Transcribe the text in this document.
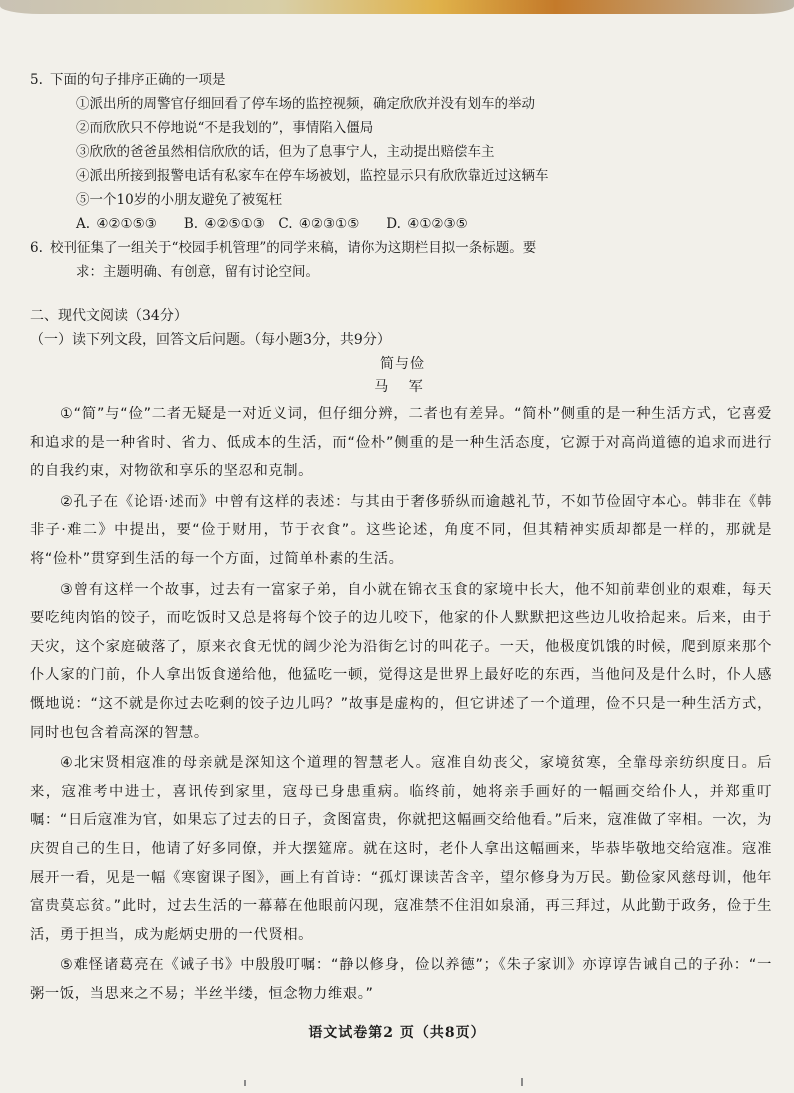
5. 下面的句子排序正确的一项是
①派出所的周警官仔细回看了停车场的监控视频，确定欣欣并没有划车的举动
②而欣欣只不停地说“不是我划的”，事情陷入僵局
③欣欣的爸爸虽然相信欣欣的话，但为了息事宁人，主动提出赔偿车主
④派出所接到报警电话有私家车在停车场被划，监控显示只有欣欣靠近过这辆车
⑤一个10岁的小朋友避免了被冤枉
A. ④②①⑤③　　B. ④②⑤①③　C. ④②③①⑤　　D. ④①②③⑤
6. 校刊征集了一组关于“校园手机管理”的同学来稿，请你为这期栏目拟一条标题。要
求：主题明确、有创意，留有讨论空间。
二、现代文阅读（34分）
（一）读下列文段，回答文后问题。（每小题3分，共9分）
简与俭
马 军

①“简”与“俭”二者无疑是一对近义词，但仔细分辨，二者也有差异。“简朴”侧重的是一种生活方式，它喜爱和追求的是一种省时、省力、低成本的生活，而“俭朴”侧重的是一种生活态度，它源于对高尚道德的追求而进行的自我约束，对物欲和享乐的坚忍和克制。

②孔子在《论语·述而》中曾有这样的表述：与其由于奢侈骄纵而逾越礼节，不如节俭固守本心。韩非在《韩非子·难二》中提出，要“俭于财用，节于衣食”。这些论述，角度不同，但其精神实质却都是一样的，那就是将“俭朴”贯穿到生活的每一个方面，过简单朴素的生活。

③曾有这样一个故事，过去有一富家子弟，自小就在锦衣玉食的家境中长大，他不知前辈创业的艰难，每天要吃纯肉馅的饺子，而吃饭时又总是将每个饺子的边儿咬下，他家的仆人默默把这些边儿收拾起来。后来，由于天灾，这个家庭破落了，原来衣食无忧的阔少沦为沿街乞讨的叫花子。一天，他极度饥饿的时候，爬到原来那个仆人家的门前，仆人拿出饭食递给他，他猛吃一顿，觉得这是世界上最好吃的东西，当他问及是什么时，仆人感慨地说：“这不就是你过去吃剩的饺子边儿吗？”故事是虚构的，但它讲述了一个道理，俭不只是一种生活方式，同时也包含着高深的智慧。

④北宋贤相寇准的母亲就是深知这个道理的智慧老人。寇准自幼丧父，家境贫寒，全靠母亲纺织度日。后来，寇准考中进士，喜讯传到家里，寇母已身患重病。临终前，她将亲手画好的一幅画交给仆人，并郑重叮嘱：“日后寇准为官，如果忘了过去的日子，贪图富贵，你就把这幅画交给他看。”后来，寇准做了宰相。一次，为庆贺自己的生日，他请了好多同僚，并大摆筵席。就在这时，老仆人拿出这幅画来，毕恭毕敬地交给寇准。寇准展开一看，见是一幅《寒窗课子图》，画上有首诗：“孤灯课读苦含辛，望尔修身为万民。勤俭家风慈母训，他年富贵莫忘贫。”此时，过去生活的一幕幕在他眼前闪现，寇准禁不住泪如泉涌，再三拜过，从此勤于政务，俭于生活，勇于担当，成为彪炳史册的一代贤相。

⑤难怪诸葛亮在《诫子书》中殷殷叮嘱：“静以修身，俭以养德”；《朱子家训》亦谆谆告诫自己的子孙：“一粥一饭，当思来之不易；半丝半缕，恒念物力维艰。”

语文试卷第2 页（共8页）
